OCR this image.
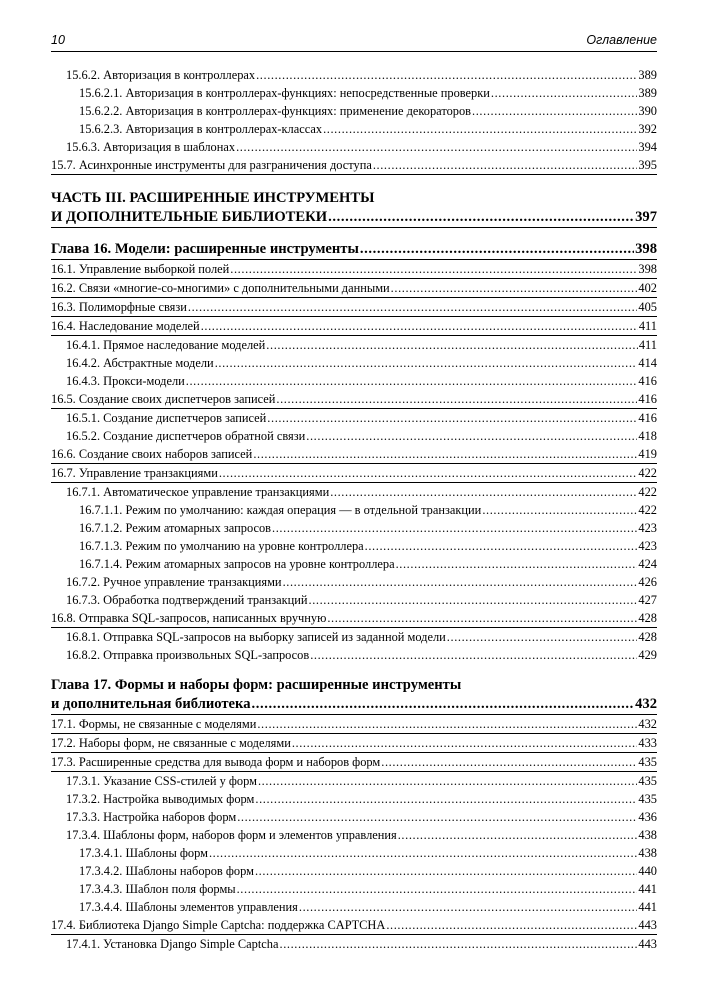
10	Оглавление
15.6.2. Авторизация в контроллерах .....	389
15.6.2.1. Авторизация в контроллерах-функциях: непосредственные проверки .....	389
15.6.2.2. Авторизация в контроллерах-функциях: применение декораторов .....	390
15.6.2.3. Авторизация в контроллерах-классах .....	392
15.6.3. Авторизация в шаблонах .....	394
15.7. Асинхронные инструменты для разграничения доступа .....	395
ЧАСТЬ III. РАСШИРЕННЫЕ ИНСТРУМЕНТЫ
И ДОПОЛНИТЕЛЬНЫЕ БИБЛИОТЕКИ .....	397
Глава 16. Модели: расширенные инструменты .....	398
16.1. Управление выборкой полей .....	398
16.2. Связи «многие-со-многими» с дополнительными данными .....	402
16.3. Полиморфные связи .....	405
16.4. Наследование моделей .....	411
16.4.1. Прямое наследование моделей .....	411
16.4.2. Абстрактные модели .....	414
16.4.3. Прокси-модели .....	416
16.5. Создание своих диспетчеров записей .....	416
16.5.1. Создание диспетчеров записей .....	416
16.5.2. Создание диспетчеров обратной связи .....	418
16.6. Создание своих наборов записей .....	419
16.7. Управление транзакциями .....	422
16.7.1. Автоматическое управление транзакциями .....	422
16.7.1.1. Режим по умолчанию: каждая операция — в отдельной транзакции .....	422
16.7.1.2. Режим атомарных запросов .....	423
16.7.1.3. Режим по умолчанию на уровне контроллера .....	423
16.7.1.4. Режим атомарных запросов на уровне контроллера .....	424
16.7.2. Ручное управление транзакциями .....	426
16.7.3. Обработка подтверждений транзакций .....	427
16.8. Отправка SQL-запросов, написанных вручную .....	428
16.8.1. Отправка SQL-запросов на выборку записей из заданной модели .....	428
16.8.2. Отправка произвольных SQL-запросов .....	429
Глава 17. Формы и наборы форм: расширенные инструменты
и дополнительная библиотека .....	432
17.1. Формы, не связанные с моделями .....	432
17.2. Наборы форм, не связанные с моделями .....	433
17.3. Расширенные средства для вывода форм и наборов форм .....	435
17.3.1. Указание CSS-стилей у форм .....	435
17.3.2. Настройка выводимых форм .....	435
17.3.3. Настройка наборов форм .....	436
17.3.4. Шаблоны форм, наборов форм и элементов управления .....	438
17.3.4.1. Шаблоны форм .....	438
17.3.4.2. Шаблоны наборов форм .....	440
17.3.4.3. Шаблон поля формы .....	441
17.3.4.4. Шаблоны элементов управления .....	441
17.4. Библиотека Django Simple Captcha: поддержка CAPTCHA .....	443
17.4.1. Установка Django Simple Captcha .....	443
